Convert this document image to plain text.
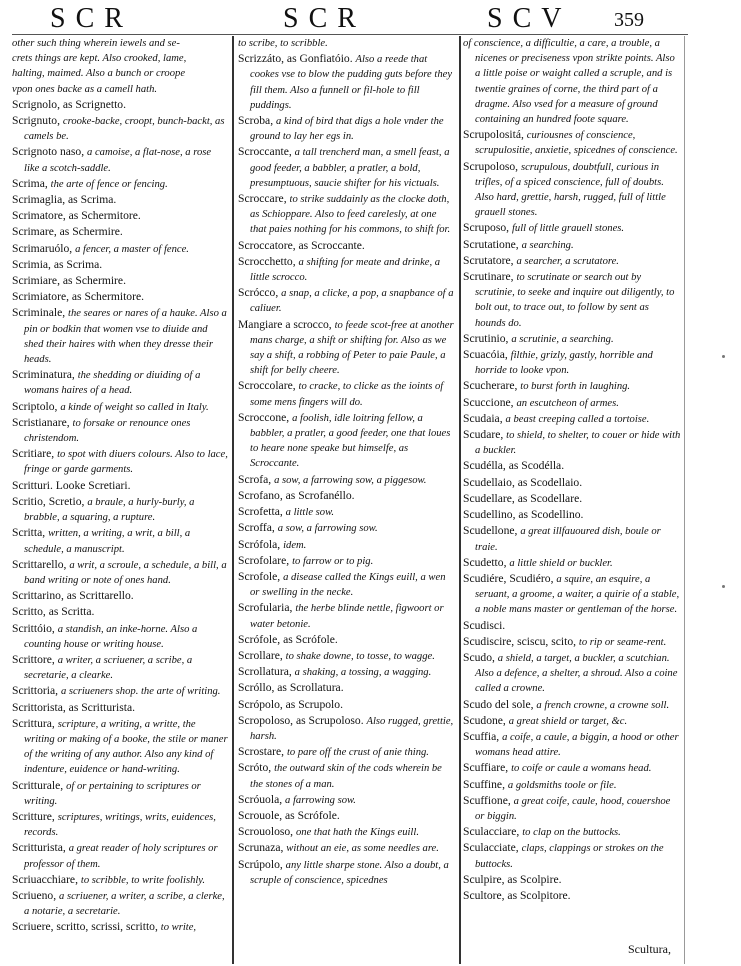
SCR	SCR	SCV 359

other such thing wherein iewels and se-

crets things are kept. Also crooked, lame,

halting, maimed. Also a bunch or croope

vpon ones backe as a camell hath.

Scrignolo, as Scrignetto.

Scrignuto, crooke-backe, croopt, bunch-backt, as camels be.

Scrignoto naso, a camoise, a flat-nose, a rose like a scotch-saddle.

Scrima, the arte of fence or fencing.

Scrimaglia, as Scrima.

Scrimatore, as Schermitore.

Scrimare, as Schermire.

Scrimaruólo, a fencer, a master of fence.

Scrimia, as Scrima.

Scrimiare, as Schermire.

Scrimiatore, as Schermitore.

Scriminale, the seares or nares of a hauke. Also a pin or bodkin that women vse to diuide and shed their haires with when they dresse their heads.

Scriminatura, the shedding or diuiding of a womans haires of a head.

Scriptolo, a kinde of weight so called in Italy.

Scristianare, to forsake or renounce ones christendom.

Scritiare, to spot with diuers colours. Also to lace, fringe or garde garments.

Scritturi. Looke Scretiari.

Scritio, Scretio, a braule, a hurly-burly, a brabble, a squaring, a rupture.

Scritta, written, a writing, a writ, a bill, a schedule, a manuscript.

Scrittarello, a writ, a scroule, a schedule, a bill, a band writing or note of ones hand.

Scrittarino, as Scrittarello.

Scritto, as Scritta.

Scrittóio, a standish, an inke-horne. Also a counting house or writing house.

Scrittore, a writer, a scriuener, a scribe, a secretarie, a clearke.

Scrittoria, a scriueners shop. the arte of writing.

Scrittorista, as Scritturista.

Scrittura, scripture, a writing, a writte, the writing or making of a booke, the stile or maner of the writing of any author. Also any kind of indenture, euidence or hand-writing.

Scritturale, of or pertaining to scriptures or writing.

Scritture, scriptures, writings, writs, euidences, records.

Scritturista, a great reader of holy scriptures or professor of them.

Scriuacchiare, to scribble, to write foolishly.

Scriueno, a scriuener, a writer, a scribe, a clerke, a notarie, a secretarie.

Scriuere, scritto, scrissi, scritto, to write,

to scribe, to scribble.

Scrizzáto, as Gonfiatóio. Also a reede that cookes vse to blow the pudding guts before they fill them. Also a funnell or fil-hole to fill puddings.

Scroba, a kind of bird that digs a hole vnder the ground to lay her egs in.

Scroccante, a tall trencherd man, a smell feast, a good feeder, a babbler, a pratler, a bold, presumptuous, saucie shifter for his victuals.

Scroccare, to strike suddainly as the clocke doth, as Schioppare. Also to feed carelesly, at one that paies nothing for his commons, to shift for.

Scroccatore, as Scroccante.

Scrocchetto, a shifting for meate and drinke, a little scrocco.

Scrócco, a snap, a clicke, a pop, a snapbance of a caliuer.

Mangiare a scrocco, to feede scot-free at another mans charge, a shift or shifting for. Also as we say a shift, a robbing of Peter to paie Paule, a shift for belly cheere.

Scroccolare, to cracke, to clicke as the ioints of some mens fingers will do.

Scroccone, a foolish, idle loitring fellow, a babbler, a pratler, a good feeder, one that loues to heare none speake but himselfe, as Scroccante.

Scrofa, a sow, a farrowing sow, a piggesow.

Scrofano, as Scrofanéllo.

Scrofetta, a little sow.

Scroffa, a sow, a farrowing sow.

Scrófola, idem.

Scrofolare, to farrow or to pig.

Scrofole, a disease called the Kings euill, a wen or swelling in the necke.

Scrofularia, the herbe blinde nettle, figwoort or water betonie.

Scrófole, as Scrófole.

Scrollare, to shake downe, to tosse, to wagge.

Scrollatura, a shaking, a tossing, a wagging.

Scróllo, as Scrollatura.

Scrópolo, as Scrupolo.

Scropoloso, as Scrupoloso. Also rugged, grettie, harsh.

Scrostare, to pare off the crust of anie thing.

Scróto, the outward skin of the cods wherein be the stones of a man.

Scróuola, a farrowing sow.

Scrouole, as Scrófole.

Scrouoloso, one that hath the Kings euill.

Scrunaza, without an eie, as some needles are.

Scrúpolo, any little sharpe stone. Also a doubt, a scruple of conscience, spicednes

of conscience, a difficultie, a care, a trouble, a nicenes or preciseness vpon strikte points. Also a little poise or waight called a scruple, and is twentie graines of corne, the third part of a dragme. Also vsed for a measure of ground containing an hundred foote square.

Scrupolositá, curiousnes of conscience, scrupulositie, anxietie, spicednes of conscience.

Scrupoloso, scrupulous, doubtfull, curious in trifles, of a spiced conscience, full of doubts. Also hard, grettie, harsh, rugged, full of little grauell stones.

Scruposo, full of little grauell stones.

Scrutatione, a searching.

Scrutatore, a searcher, a scrutatore.

Scrutinare, to scrutinate or search out by scrutinie, to seeke and inquire out diligently, to bolt out, to trace out, to follow by sent as hounds do.

Scrutinio, a scrutinie, a searching.

Scuacóia, filthie, grizly, gastly, horrible and horride to looke vpon.

Scucherare, to burst forth in laughing.

Scuccione, an escutcheon of armes.

Scudaia, a beast creeping called a tortoise.

Scudare, to shield, to shelter, to couer or hide with a buckler.

Scudélla, as Scodélla.

Scudellaio, as Scodellaio.

Scudellare, as Scodellare.

Scudellino, as Scodellino.

Scudellone, a great illfauoured dish, boule or traie.

Scudetto, a little shield or buckler.

Scudiére, Scudiéro, a squire, an esquire, a seruant, a groome, a waiter, a quirie of a stable, a noble mans master or gentleman of the horse.

Scudisci.

Scudiscire, sciscu, scito, to rip or seame-rent.

Scudo, a shield, a target, a buckler, a scutchian. Also a defence, a shelter, a shroud. Also a coine called a crowne.

Scudo del sole, a french crowne, a crowne soll.

Scudone, a great shield or target, &c.

Scuffia, a coife, a caule, a biggin, a hood or other womans head attire.

Scuffiare, to coife or caule a womans head.

Scuffine, a goldsmiths toole or file.

Scuffione, a great coife, caule, hood, couershoe or biggin.

Sculacciare, to clap on the buttocks.

Sculacciate, claps, clappings or strokes on the buttocks.

Sculpire, as Scolpire.

Scultore, as Scolpitore.

Scultura,
